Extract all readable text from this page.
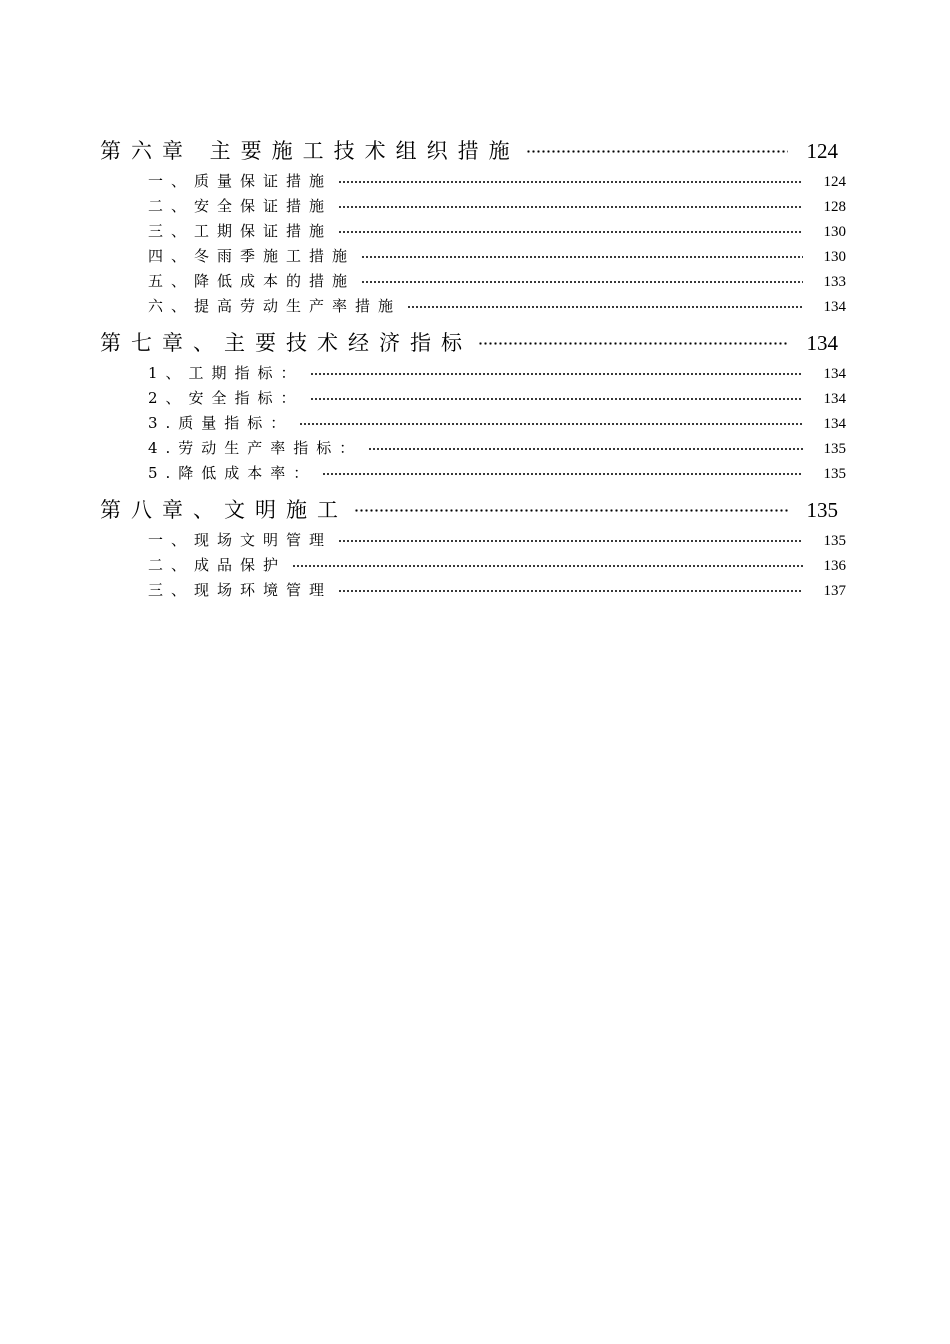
第六章 主要施工技术组织措施	124
一、质量保证措施	124
二、安全保证措施	128
三、工期保证措施	130
四、冬雨季施工措施	130
五、降低成本的措施	133
六、提高劳动生产率措施	134
第七章、主要技术经济指标	134
1、工期指标：	134
2、安全指标：	134
3.质量指标：	134
4.劳动生产率指标：	135
5.降低成本率：	135
第八章、文明施工	135
一、现场文明管理	135
二、成品保护	136
三、现场环境管理	137
